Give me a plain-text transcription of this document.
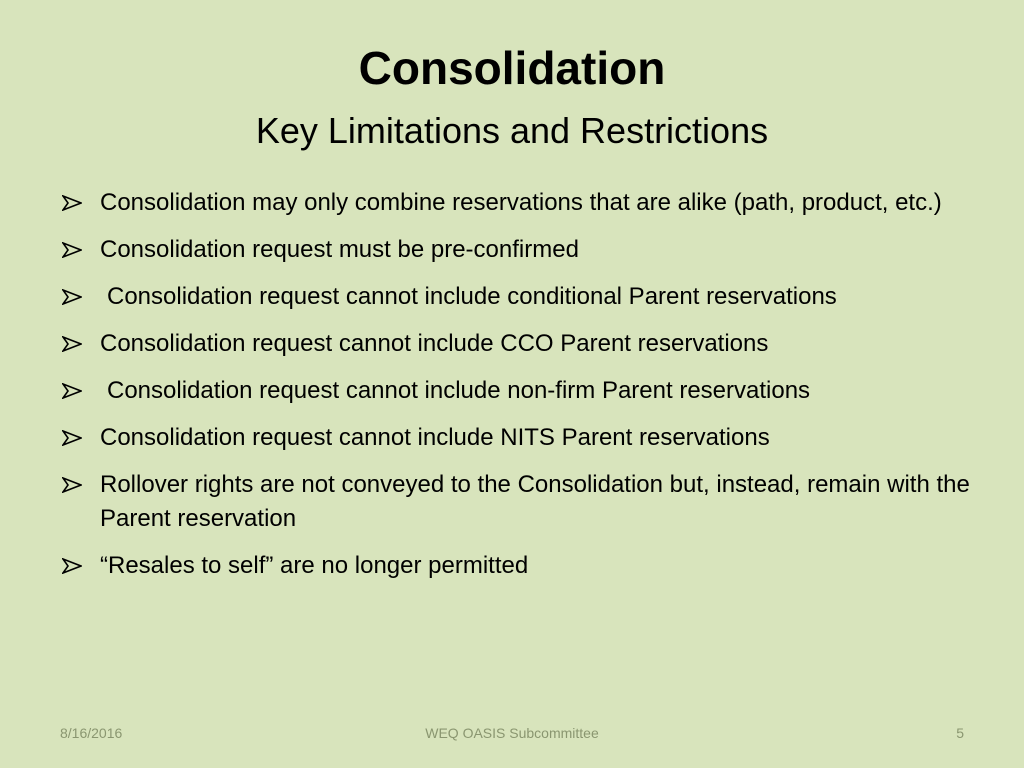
Consolidation
Key Limitations and Restrictions
Consolidation may only combine reservations that are alike (path, product, etc.)
Consolidation request must be pre-confirmed
Consolidation request cannot include conditional Parent reservations
Consolidation request cannot include CCO Parent reservations
Consolidation request cannot include non-firm Parent reservations
Consolidation request cannot include NITS Parent reservations
Rollover rights are not conveyed to the Consolidation but, instead, remain with the Parent reservation
“Resales to self” are no longer permitted
8/16/2016	WEQ OASIS Subcommittee	5
